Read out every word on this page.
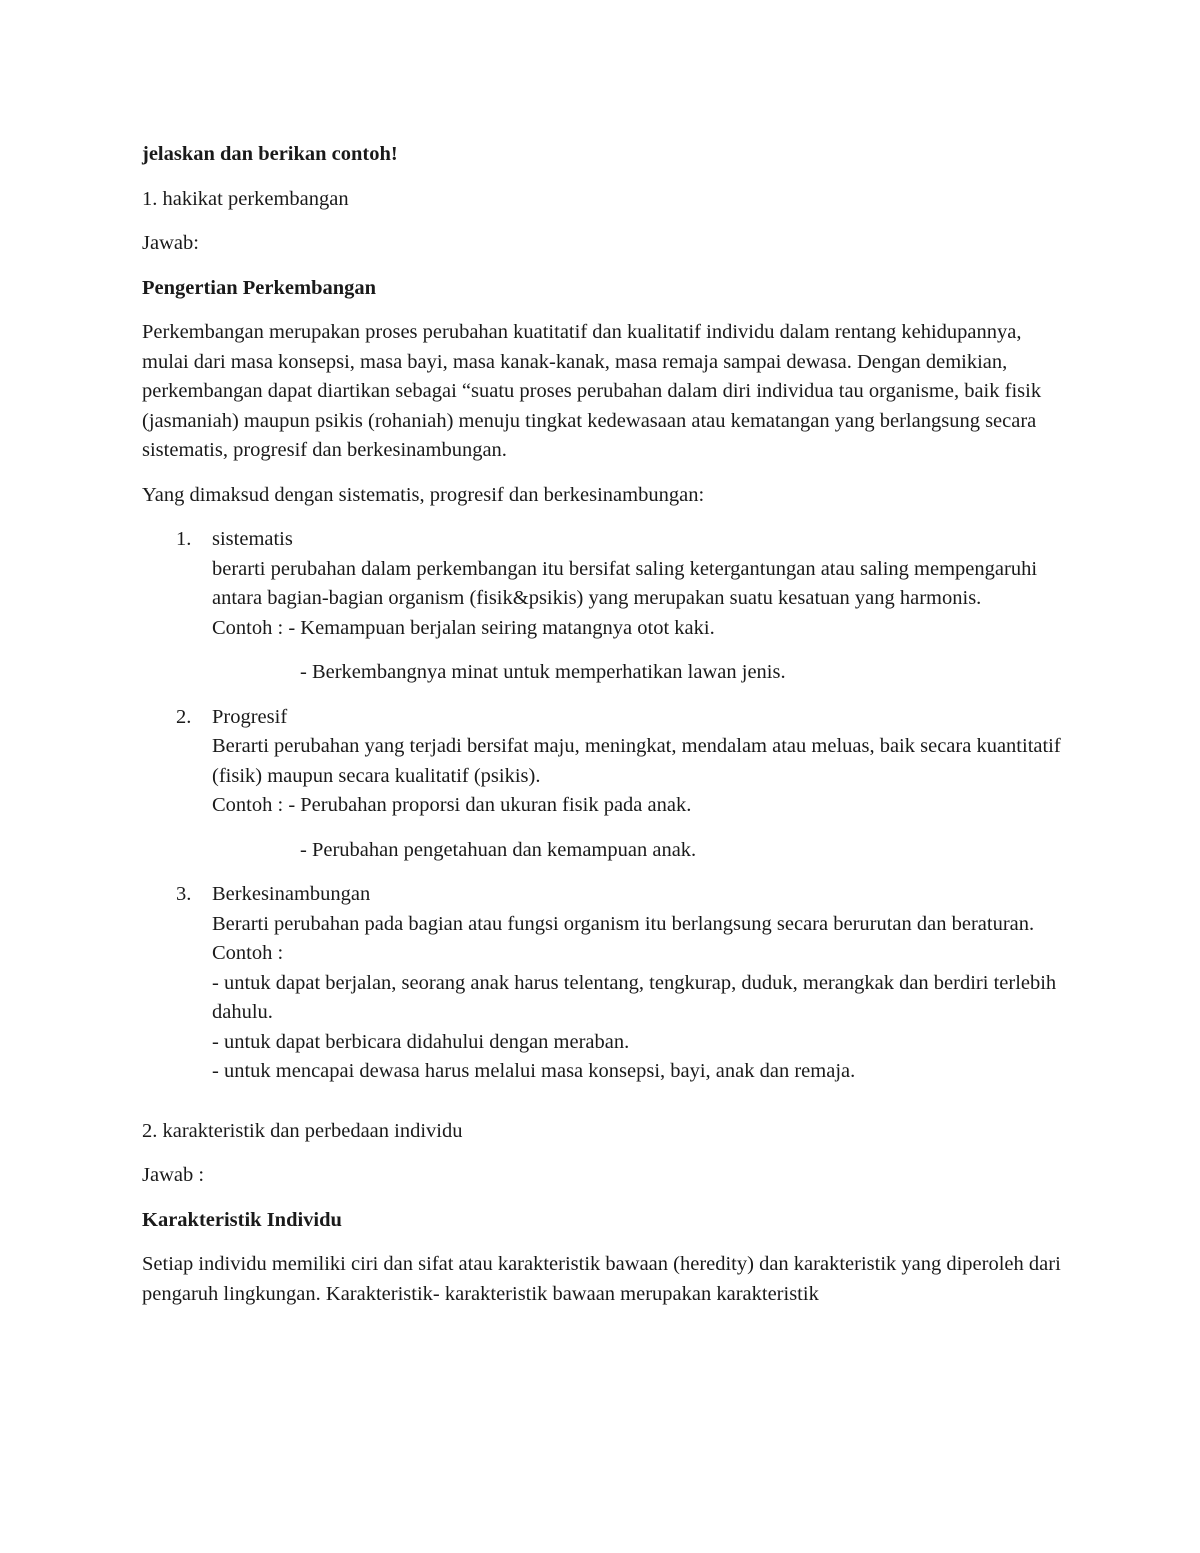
jelaskan dan berikan contoh!

1. hakikat perkembangan

Jawab:

Pengertian Perkembangan

Perkembangan merupakan proses perubahan kuatitatif dan kualitatif individu dalam rentang kehidupannya, mulai dari masa konsepsi, masa bayi, masa kanak-kanak, masa remaja sampai dewasa. Dengan demikian, perkembangan dapat diartikan sebagai “suatu proses perubahan dalam diri individua tau organisme, baik fisik (jasmaniah) maupun psikis (rohaniah) menuju tingkat kedewasaan atau kematangan yang berlangsung secara sistematis, progresif dan berkesinambungan.

Yang dimaksud dengan sistematis, progresif dan berkesinambungan:

1. sistematis

berarti perubahan dalam perkembangan itu bersifat saling ketergantungan atau saling mempengaruhi antara bagian-bagian organism (fisik&psikis) yang merupakan suatu kesatuan yang harmonis.

Contoh : - Kemampuan berjalan seiring matangnya otot kaki.

- Berkembangnya minat untuk memperhatikan lawan jenis.

2. Progresif

Berarti perubahan yang terjadi bersifat maju, meningkat, mendalam atau meluas, baik secara kuantitatif (fisik) maupun secara kualitatif (psikis).

Contoh : - Perubahan proporsi dan ukuran fisik pada anak.

- Perubahan pengetahuan dan kemampuan anak.

3. Berkesinambungan

Berarti perubahan pada bagian atau fungsi organism itu berlangsung secara berurutan dan beraturan.

Contoh :

- untuk dapat berjalan, seorang anak harus telentang, tengkurap, duduk, merangkak dan berdiri terlebih dahulu.

- untuk dapat berbicara didahului dengan meraban.

- untuk mencapai dewasa harus melalui masa konsepsi, bayi, anak dan remaja.

2. karakteristik dan perbedaan individu

Jawab :

Karakteristik Individu

Setiap individu memiliki ciri dan sifat atau karakteristik bawaan (heredity) dan karakteristik yang diperoleh dari pengaruh lingkungan. Karakteristik- karakteristik bawaan merupakan karakteristik
